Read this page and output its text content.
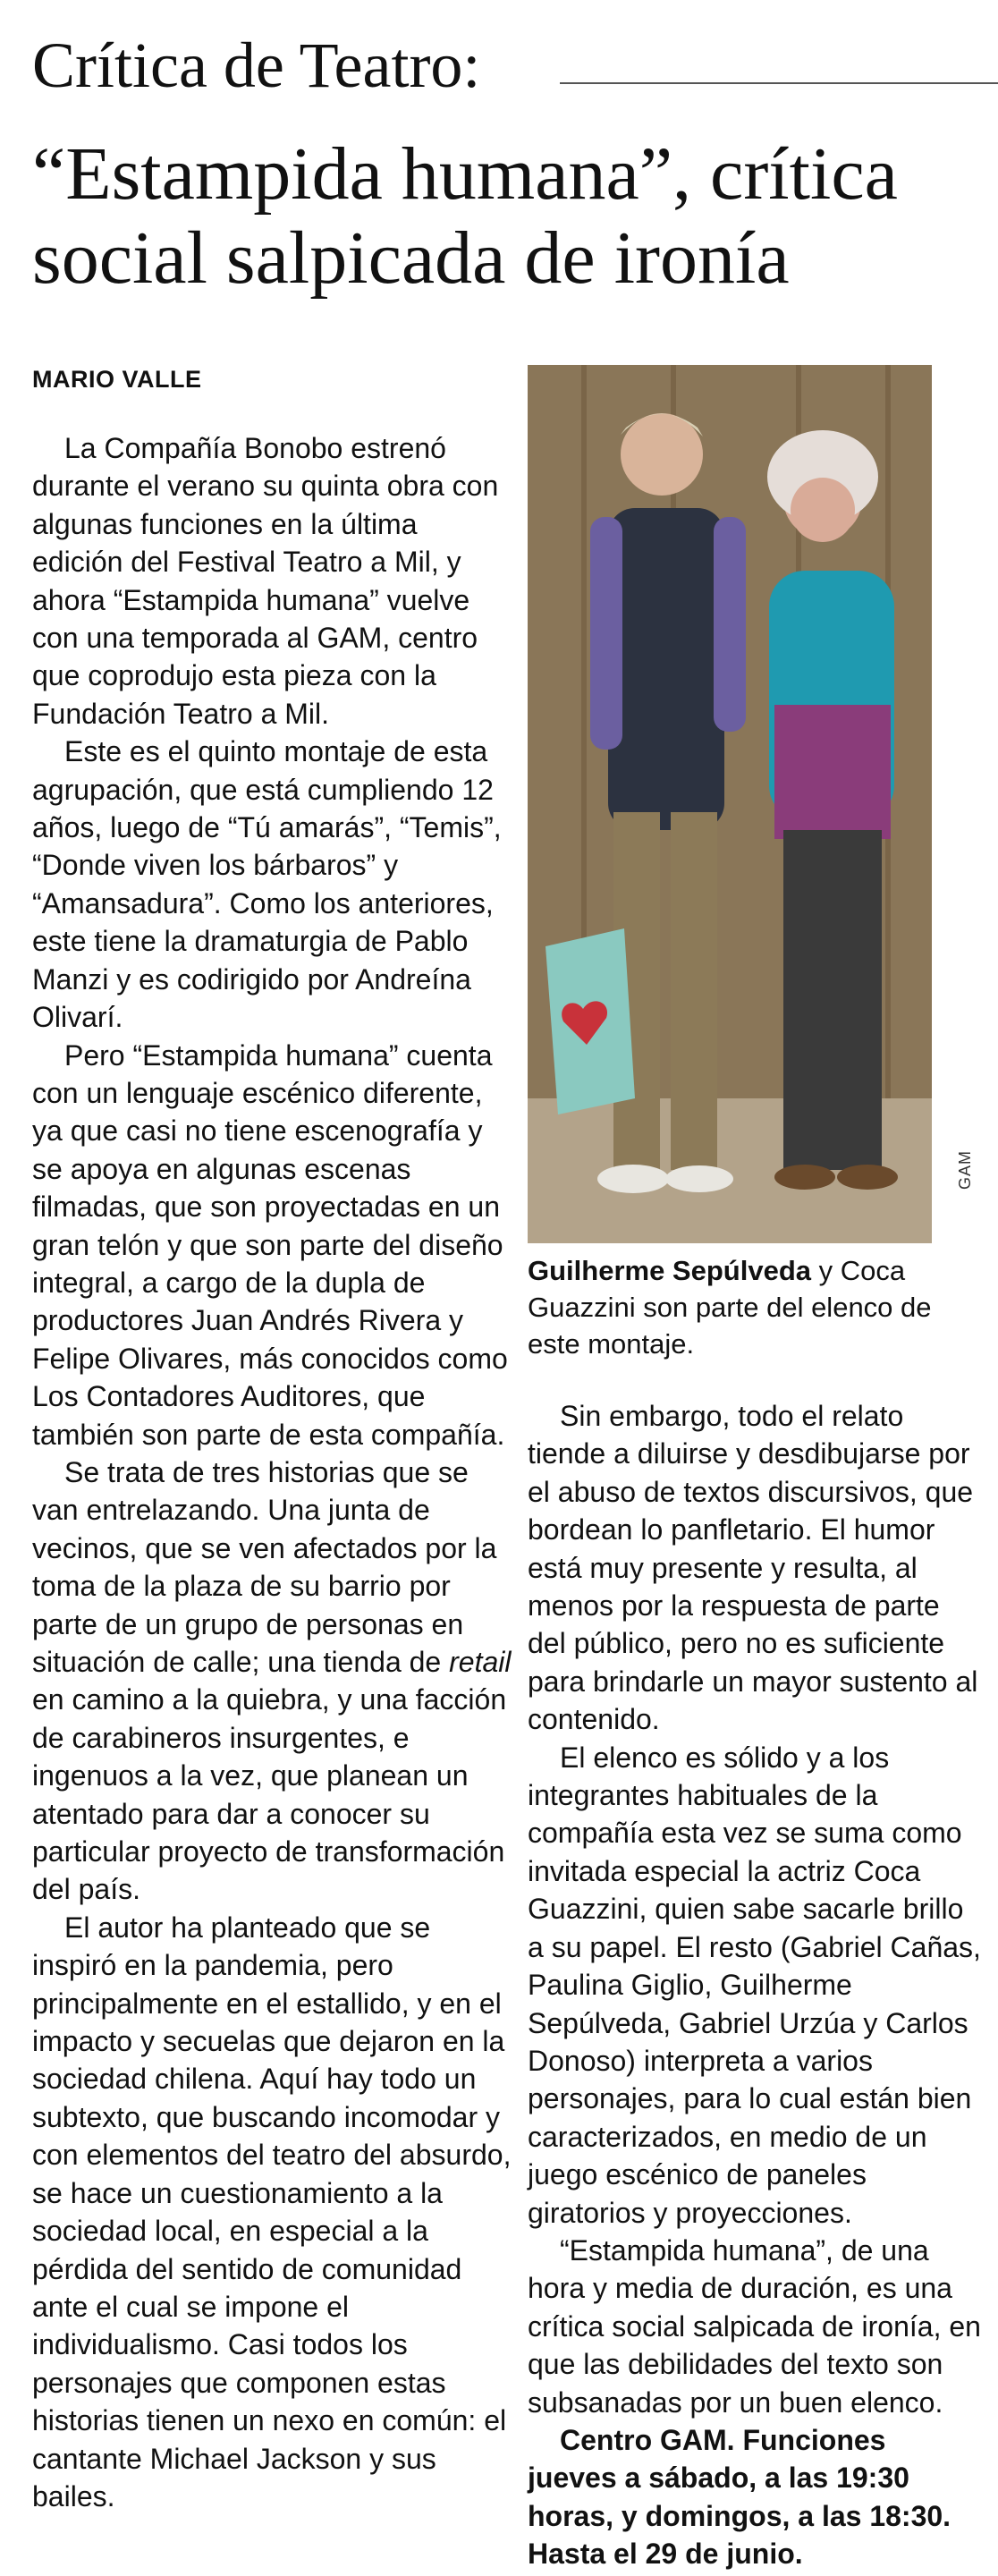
Crítica de Teatro:
“Estampida humana”, crítica social salpicada de ironía
MARIO VALLE

La Compañía Bonobo estrenó durante el verano su quinta obra con algunas funciones en la última edición del Festival Teatro a Mil, y ahora “Estampida humana” vuelve con una temporada al GAM, centro que coprodujo esta pieza con la Fundación Teatro a Mil.

Este es el quinto montaje de esta agrupación, que está cumpliendo 12 años, luego de “Tú amarás”, “Temis”, “Donde viven los bárbaros” y “Amansadura”. Como los anteriores, este tiene la dramaturgia de Pablo Manzi y es codirigido por Andreína Olivarí.

Pero “Estampida humana” cuenta con un lenguaje escénico diferente, ya que casi no tiene escenografía y se apoya en algunas escenas filmadas, que son proyectadas en un gran telón y que son parte del diseño integral, a cargo de la dupla de productores Juan Andrés Rivera y Felipe Olivares, más conocidos como Los Contadores Auditores, que también son parte de esta compañía.

Se trata de tres historias que se van entrelazando. Una junta de vecinos, que se ven afectados por la toma de la plaza de su barrio por parte de un grupo de personas en situación de calle; una tienda de retail en camino a la quiebra, y una facción de carabineros insurgentes, e ingenuos a la vez, que planean un atentado para dar a conocer su particular proyecto de transformación del país.

El autor ha planteado que se inspiró en la pandemia, pero principalmente en el estallido, y en el impacto y secuelas que dejaron en la sociedad chilena. Aquí hay todo un subtexto, que buscando incomodar y con elementos del teatro del absurdo, se hace un cuestionamiento a la sociedad local, en especial a la pérdida del sentido de comunidad ante el cual se impone el individualismo. Casi todos los personajes que componen estas historias tienen un nexo en común: el cantante Michael Jackson y sus bailes.

GAM
Guilherme Sepúlveda y Coca Guazzini son parte del elenco de este montaje.

Sin embargo, todo el relato tiende a diluirse y desdibujarse por el abuso de textos discursivos, que bordean lo panfletario. El humor está muy presente y resulta, al menos por la respuesta de parte del público, pero no es suficiente para brindarle un mayor sustento al contenido.

El elenco es sólido y a los integrantes habituales de la compañía esta vez se suma como invitada especial la actriz Coca Guazzini, quien sabe sacarle brillo a su papel. El resto (Gabriel Cañas, Paulina Giglio, Guilherme Sepúlveda, Gabriel Urzúa y Carlos Donoso) interpreta a varios personajes, para lo cual están bien caracterizados, en medio de un juego escénico de paneles giratorios y proyecciones.

“Estampida humana”, de una hora y media de duración, es una crítica social salpicada de ironía, en que las debilidades del texto son subsanadas por un buen elenco.

Centro GAM. Funciones jueves a sábado, a las 19:30 horas, y domingos, a las 18:30. Hasta el 29 de junio.
